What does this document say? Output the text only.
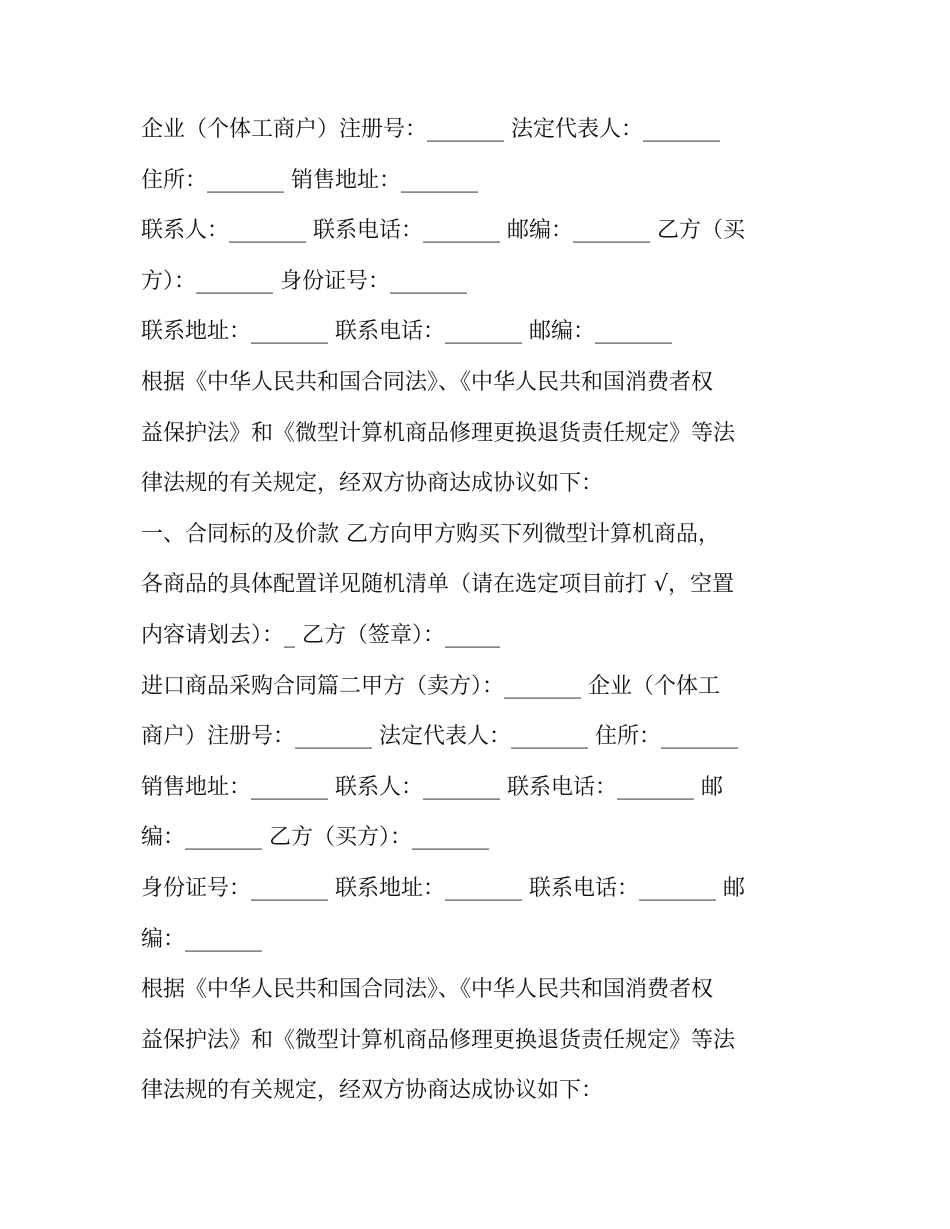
企业（个体工商户）注册号：_______ 法定代表人：_______
住所：_______ 销售地址：_______
联系人：_______ 联系电话：_______ 邮编：_______ 乙方（买
方）：_______ 身份证号：_______
联系地址：_______ 联系电话：_______ 邮编：_______
根据《中华人民共和国合同法》、《中华人民共和国消费者权
益保护法》和《微型计算机商品修理更换退货责任规定》等法
律法规的有关规定，经双方协商达成协议如下：
一、合同标的及价款 乙方向甲方购买下列微型计算机商品，
各商品的具体配置详见随机清单（请在选定项目前打 √，空置
内容请划去）：_ 乙方（签章）：_____
进口商品采购合同篇二甲方（卖方）：_______ 企业（个体工
商户）注册号：_______ 法定代表人：_______ 住所：_______
销售地址：_______ 联系人：_______ 联系电话：_______ 邮
编：_______ 乙方（买方）：_______
身份证号：_______ 联系地址：_______ 联系电话：_______ 邮
编：_______
根据《中华人民共和国合同法》、《中华人民共和国消费者权
益保护法》和《微型计算机商品修理更换退货责任规定》等法
律法规的有关规定，经双方协商达成协议如下：
